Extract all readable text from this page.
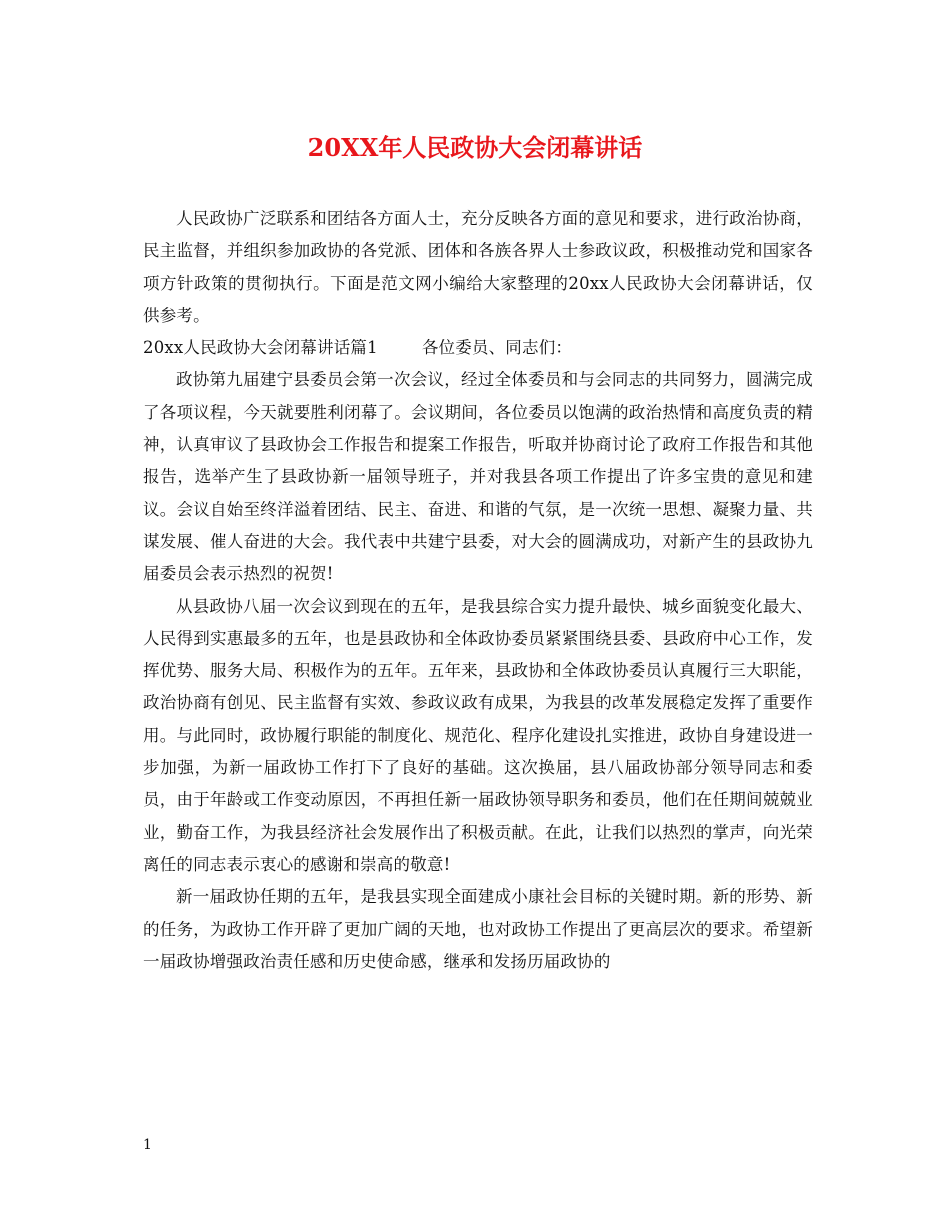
20XX年人民政协大会闭幕讲话

人民政协广泛联系和团结各方面人士，充分反映各方面的意见和要求，进行政治协商，民主监督，并组织参加政协的各党派、团体和各族各界人士参政议政，积极推动党和国家各项方针政策的贯彻执行。下面是范文网小编给大家整理的20xx人民政协大会闭幕讲话，仅供参考。

20xx人民政协大会闭幕讲话篇1	各位委员、同志们：

政协第九届建宁县委员会第一次会议，经过全体委员和与会同志的共同努力，圆满完成了各项议程，今天就要胜利闭幕了。会议期间，各位委员以饱满的政治热情和高度负责的精神，认真审议了县政协会工作报告和提案工作报告，听取并协商讨论了政府工作报告和其他报告，选举产生了县政协新一届领导班子，并对我县各项工作提出了许多宝贵的意见和建议。会议自始至终洋溢着团结、民主、奋进、和谐的气氛，是一次统一思想、凝聚力量、共谋发展、催人奋进的大会。我代表中共建宁县委，对大会的圆满成功，对新产生的县政协九届委员会表示热烈的祝贺!

从县政协八届一次会议到现在的五年，是我县综合实力提升最快、城乡面貌变化最大、人民得到实惠最多的五年，也是县政协和全体政协委员紧紧围绕县委、县政府中心工作，发挥优势、服务大局、积极作为的五年。五年来，县政协和全体政协委员认真履行三大职能，政治协商有创见、民主监督有实效、参政议政有成果，为我县的改革发展稳定发挥了重要作用。与此同时，政协履行职能的制度化、规范化、程序化建设扎实推进，政协自身建设进一步加强，为新一届政协工作打下了良好的基础。这次换届，县八届政协部分领导同志和委员，由于年龄或工作变动原因，不再担任新一届政协领导职务和委员，他们在任期间兢兢业业，勤奋工作，为我县经济社会发展作出了积极贡献。在此，让我们以热烈的掌声，向光荣离任的同志表示衷心的感谢和崇高的敬意!

新一届政协任期的五年，是我县实现全面建成小康社会目标的关键时期。新的形势、新的任务，为政协工作开辟了更加广阔的天地，也对政协工作提出了更高层次的要求。希望新一届政协增强政治责任感和历史使命感，继承和发扬历届政协的

1
